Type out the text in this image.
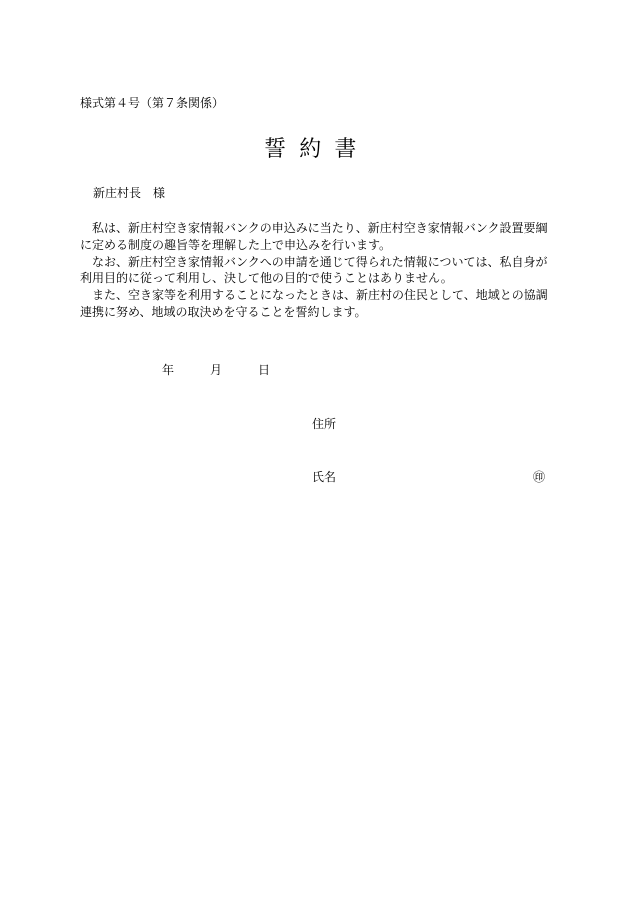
様式第４号（第７条関係）
誓約書
新庄村長　様

私は、新庄村空き家情報バンクの申込みに当たり、新庄村空き家情報バンク設置要綱に定める制度の趣旨等を理解した上で申込みを行います。

なお、新庄村空き家情報バンクへの申請を通じて得られた情報については、私自身が利用目的に従って利用し、決して他の目的で使うことはありません。

また、空き家等を利用することになったときは、新庄村の住民として、地域との協調連携に努め、地域の取決めを守ることを誓約します。

年	月	日
住所
氏名	㊞
